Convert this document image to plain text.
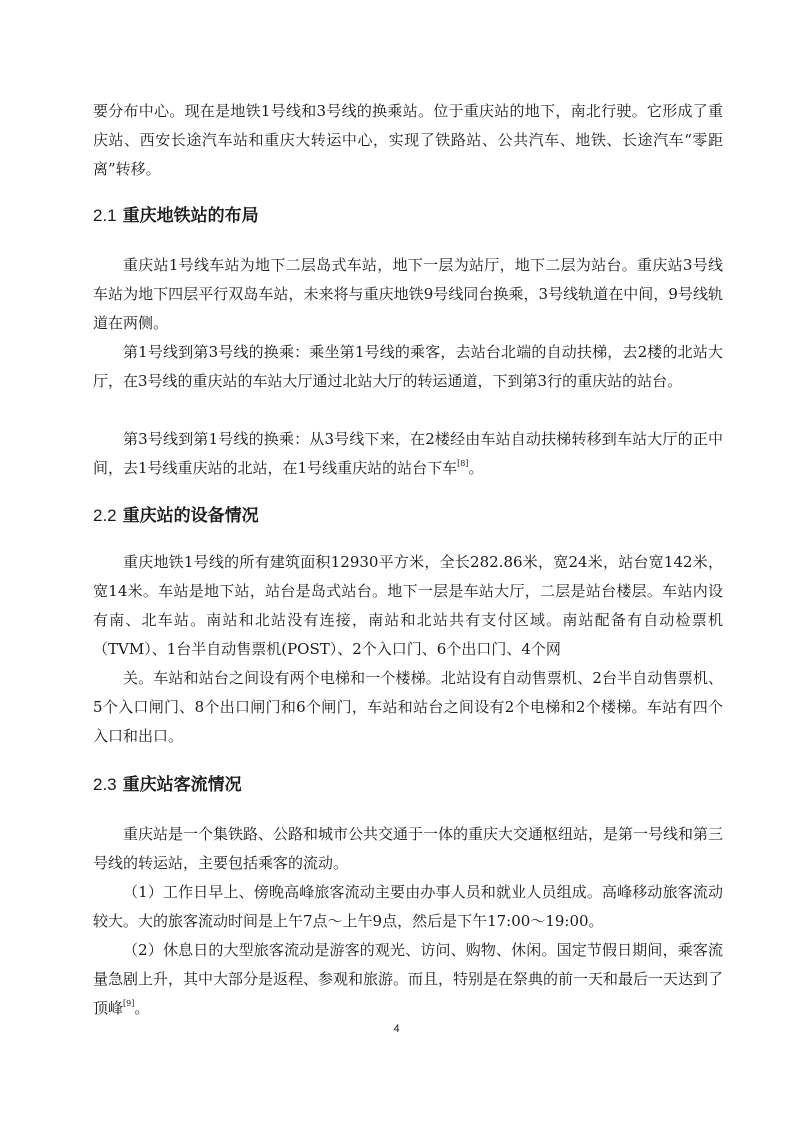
要分布中心。现在是地铁1号线和3号线的换乘站。位于重庆站的地下，南北行驶。它形成了重庆站、西安长途汽车站和重庆大转运中心，实现了铁路站、公共汽车、地铁、长途汽车“零距离”转移。

2.1 重庆地铁站的布局

重庆站1号线车站为地下二层岛式车站，地下一层为站厅，地下二层为站台。重庆站3号线车站为地下四层平行双岛车站，未来将与重庆地铁9号线同台换乘，3号线轨道在中间，9号线轨道在两侧。

第1号线到第3号线的换乘：乘坐第1号线的乘客，去站台北端的自动扶梯，去2楼的北站大厅，在3号线的重庆站的车站大厅通过北站大厅的转运通道，下到第3行的重庆站的站台。

第3号线到第1号线的换乘：从3号线下来，在2楼经由车站自动扶梯转移到车站大厅的正中间，去1号线重庆站的北站，在1号线重庆站的站台下车[8]。

2.2 重庆站的设备情况

重庆地铁1号线的所有建筑面积12930平方米，全长282.86米，宽24米，站台宽142米，宽14米。车站是地下站，站台是岛式站台。地下一层是车站大厅，二层是站台楼层。车站内设有南、北车站。南站和北站没有连接，南站和北站共有支付区域。南站配备有自动检票机（TVM）、1台半自动售票机(POST）、2个入口门、6个出口门、4个网

关。车站和站台之间设有两个电梯和一个楼梯。北站设有自动售票机、2台半自动售票机、5个入口闸门、8个出口闸门和6个闸门，车站和站台之间设有2个电梯和2个楼梯。车站有四个入口和出口。

2.3 重庆站客流情况

重庆站是一个集铁路、公路和城市公共交通于一体的重庆大交通枢纽站，是第一号线和第三号线的转运站，主要包括乘客的流动。

（1）工作日早上、傍晚高峰旅客流动主要由办事人员和就业人员组成。高峰移动旅客流动较大。大的旅客流动时间是上午7点～上午9点，然后是下午17:00～19:00。

（2）休息日的大型旅客流动是游客的观光、访问、购物、休闲。国定节假日期间，乘客流量急剧上升，其中大部分是返程、参观和旅游。而且，特别是在祭典的前一天和最后一天达到了顶峰[9]。

4
